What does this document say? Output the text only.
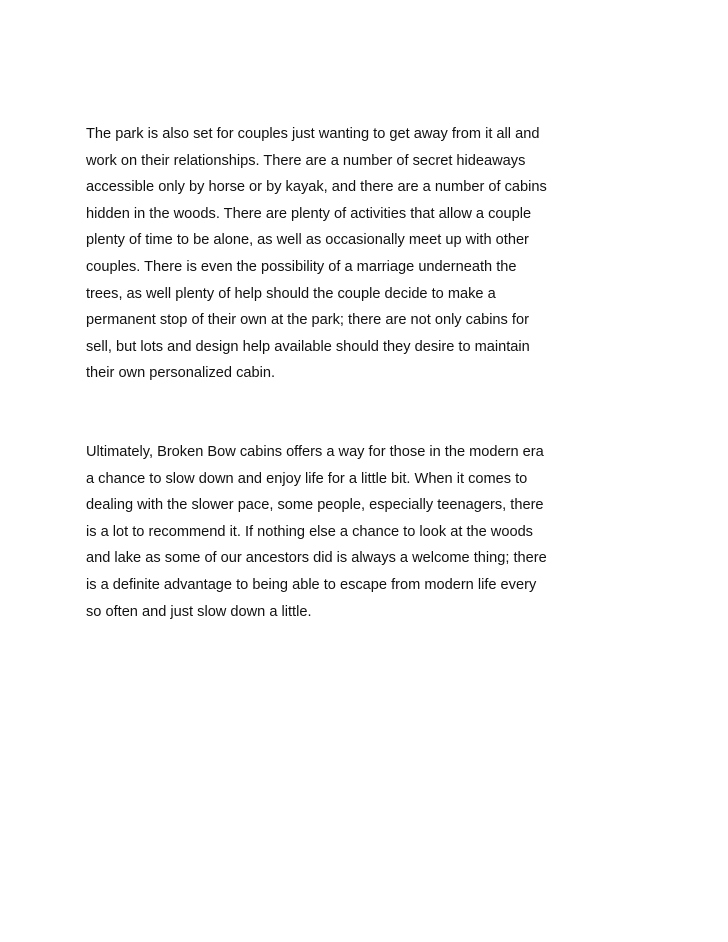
The park is also set for couples just wanting to get away from it all and
work on their relationships. There are a number of secret hideaways
accessible only by horse or by kayak, and there are a number of cabins
hidden in the woods. There are plenty of activities that allow a couple
plenty of time to be alone, as well as occasionally meet up with other
couples. There is even the possibility of a marriage underneath the
trees, as well plenty of help should the couple decide to make a
permanent stop of their own at the park; there are not only cabins for
sell, but lots and design help available should they desire to maintain
their own personalized cabin.

Ultimately, Broken Bow cabins offers a way for those in the modern era
a chance to slow down and enjoy life for a little bit. When it comes to
dealing with the slower pace, some people, especially teenagers, there
is a lot to recommend it. If nothing else a chance to look at the woods
and lake as some of our ancestors did is always a welcome thing; there
is a definite advantage to being able to escape from modern life every
so often and just slow down a little.
